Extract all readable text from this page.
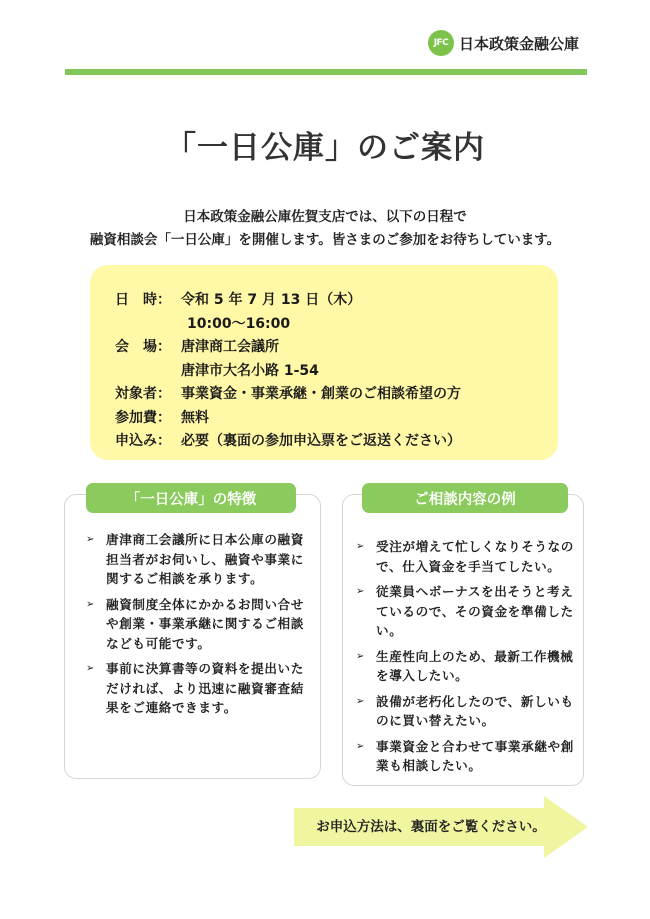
JFC 日本政策金融公庫
「一日公庫」のご案内
日本政策金融公庫佐賀支店では、以下の日程で
融資相談会「一日公庫」を開催します。皆さまのご参加をお待ちしています。
日　時： 令和 5 年 7 月 13 日（木）
10:00～16:00
会　場： 唐津商工会議所
唐津市大名小路 1-54
対象者： 事業資金・事業承継・創業のご相談希望の方
参加費： 無料
申込み： 必要（裏面の参加申込票をご返送ください）
「一日公庫」の特徴
➢ 唐津商工会議所に日本公庫の融資担当者がお伺いし、融資や事業に関するご相談を承ります。
➢ 融資制度全体にかかるお問い合せや創業・事業承継に関するご相談なども可能です。
➢ 事前に決算書等の資料を提出いただければ、より迅速に融資審査結果をご連絡できます。
ご相談内容の例
➢ 受注が増えて忙しくなりそうなので、仕入資金を手当てしたい。
➢ 従業員へボーナスを出そうと考えているので、その資金を準備したい。
➢ 生産性向上のため、最新工作機械を導入したい。
➢ 設備が老朽化したので、新しいものに買い替えたい。
➢ 事業資金と合わせて事業承継や創業も相談したい。
お申込方法は、裏面をご覧ください。
